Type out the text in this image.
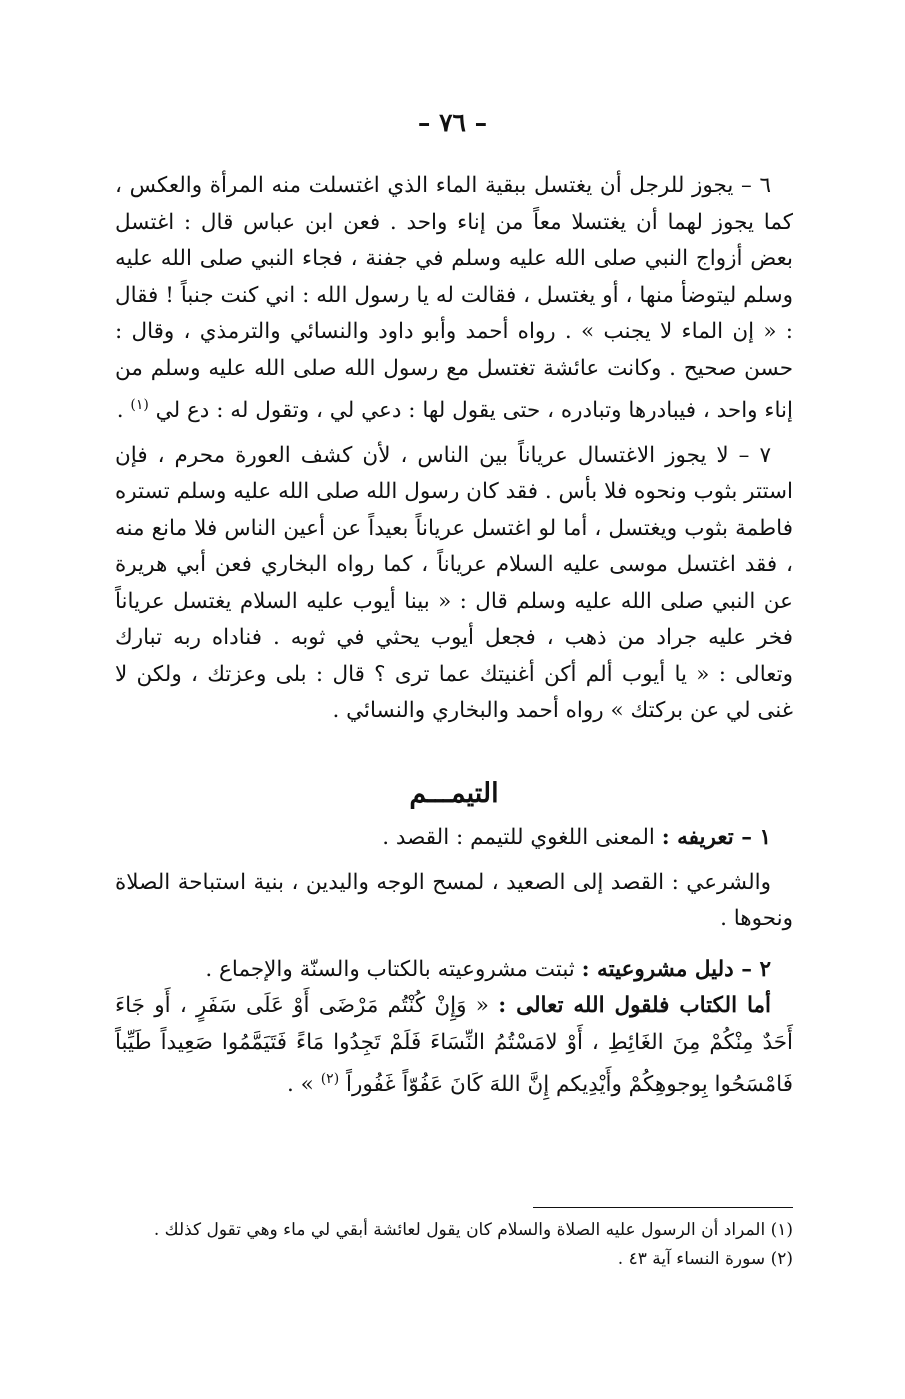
– ٧٦ –

٦ – يجوز للرجل أن يغتسل ببقية الماء الذي اغتسلت منه المرأة والعكس ، كما يجوز لهما أن يغتسلا معاً من إناء واحد . فعن ابن عباس قال : اغتسل بعض أزواج النبي صلى الله عليه وسلم في جفنة ، فجاء النبي صلى الله عليه وسلم ليتوضأ منها ، أو يغتسل ، فقالت له يا رسول الله : اني كنت جنباً ! فقال : « إن الماء لا يجنب » . رواه أحمد وأبو داود والنسائي والترمذي ، وقال : حسن صحيح . وكانت عائشة تغتسل مع رسول الله صلى الله عليه وسلم من إناء واحد ، فيبادرها وتبادره ، حتى يقول لها : دعي لي ، وتقول له : دع لي $^{(١)}$ .

٧ – لا يجوز الاغتسال عرياناً بين الناس ، لأن كشف العورة محرم ، فإن استتر بثوب ونحوه فلا بأس . فقد كان رسول الله صلى الله عليه وسلم تستره فاطمة بثوب ويغتسل ، أما لو اغتسل عرياناً بعيداً عن أعين الناس فلا مانع منه ، فقد اغتسل موسى عليه السلام عرياناً ، كما رواه البخاري فعن أبي هريرة عن النبي صلى الله عليه وسلم قال : « بينا أيوب عليه السلام يغتسل عرياناً فخر عليه جراد من ذهب ، فجعل أيوب يحثي في ثوبه . فناداه ربه تبارك وتعالى : « يا أيوب ألم أكن أغنيتك عما ترى ؟ قال : بلى وعزتك ، ولكن لا غنى لي عن بركتك » رواه أحمد والبخاري والنسائي .

التيمـــم

١ – تعريفه : المعنى اللغوي للتيمم : القصد .

والشرعي : القصد إلى الصعيد ، لمسح الوجه واليدين ، بنية استباحة الصلاة ونحوها .

٢ – دليل مشروعيته : ثبتت مشروعيته بالكتاب والسنّة والإجماع .

أما الكتاب فلقول الله تعالى : « وَإِنْ كُنْتُم مَرْضَى أَوْ عَلَى سَفَرٍ ، أَو جَاءَ أَحَدٌ مِنْكُمْ مِنَ الغَائِطِ ، أَوْ لامَسْتُمُ النِّسَاءَ فَلَمْ تَجِدُوا مَاءً فَتَيَمَّمُوا صَعِيداً طَيِّباً فَامْسَحُوا بِوجوهِكُمْ وأَيْدِيكم إِنَّ اللهَ كَانَ عَفُوّاً غَفُوراً $^{(٢)}$ » .

(١) المراد أن الرسول عليه الصلاة والسلام كان يقول لعائشة أبقي لي ماء وهي تقول كذلك .

(٢) سورة النساء آية ٤٣ .
